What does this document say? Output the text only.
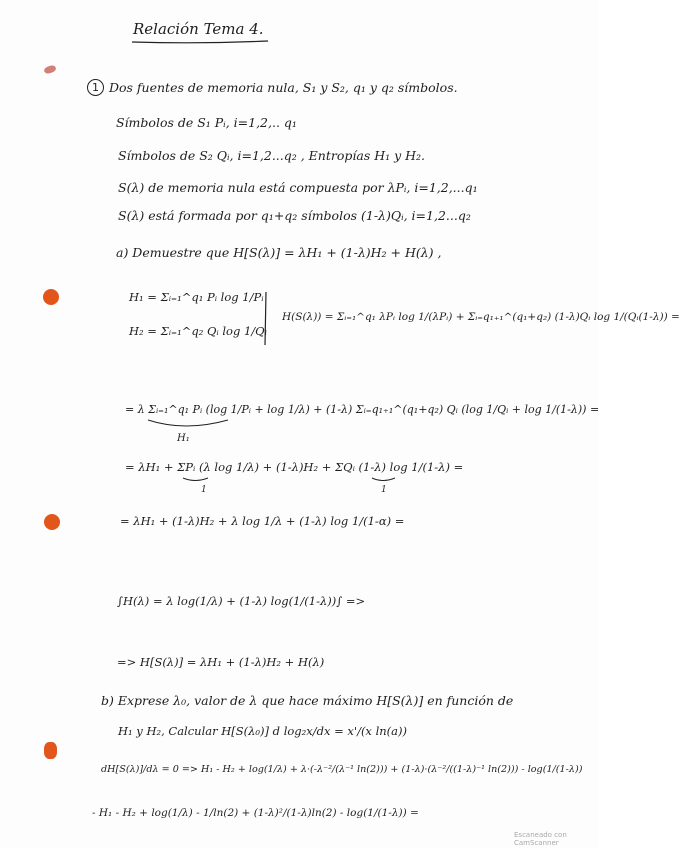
Relación Tema 4.
1 Dos fuentes de memoria nula, S₁ y S₂, q₁ y q₂ símbolos.
Símbolos de S₁ Pᵢ, i=1,2,.. q₁
Símbolos de S₂ Qᵢ, i=1,2...q₂ , Entropías H₁ y H₂.
S(λ) de memoria nula está compuesta por λPᵢ, i=1,2,...q₁
S(λ) está formada por q₁+q₂ símbolos (1-λ)Qᵢ, i=1,2...q₂
a) Demuestre que H[S(λ)] = λH₁ + (1-λ)H₂ + H(λ) ,
H₁ = Σᵢ₌₁^q₁ Pᵢ log 1/Pᵢ
H₂ = Σᵢ₌₁^q₂ Qᵢ log 1/Qᵢ
H(S(λ)) = Σᵢ₌₁^q₁ λPᵢ log 1/(λPᵢ) + Σᵢ₌q₁₊₁^(q₁+q₂) (1-λ)Qᵢ log 1/(Qᵢ(1-λ)) =
= λ Σᵢ₌₁^q₁ Pᵢ (log 1/Pᵢ + log 1/λ) + (1-λ) Σᵢ₌q₁₊₁^(q₁+q₂) Qᵢ (log 1/Qᵢ + log 1/(1-λ)) =
H₁
= λH₁ + ΣPᵢ (λ log 1/λ) + (1-λ)H₂ + ΣQᵢ (1-λ) log 1/(1-λ) =
1	1
= λH₁ + (1-λ)H₂ + λ log 1/λ + (1-λ) log 1/(1-α) =
∫H(λ) = λ log(1/λ) + (1-λ) log(1/(1-λ))∫ =>
=> H[S(λ)] = λH₁ + (1-λ)H₂ + H(λ)
b) Exprese λ₀, valor de λ que hace máximo H[S(λ)] en función de
H₁ y H₂, Calcular H[S(λ₀)] d log₂x/dx = x'/(x ln(a))
dH[S(λ)]/dλ = 0 => H₁ - H₂ + log(1/λ) + λ·(-λ⁻²/(λ⁻¹ ln(2))) + (1-λ)·(λ⁻²/((1-λ)⁻¹ ln(2))) - log(1/(1-λ))
- H₁ - H₂ + log(1/λ) - 1/ln(2) + (1-λ)²/(1-λ)ln(2) - log(1/(1-λ)) =
Escaneado con CamScanner
